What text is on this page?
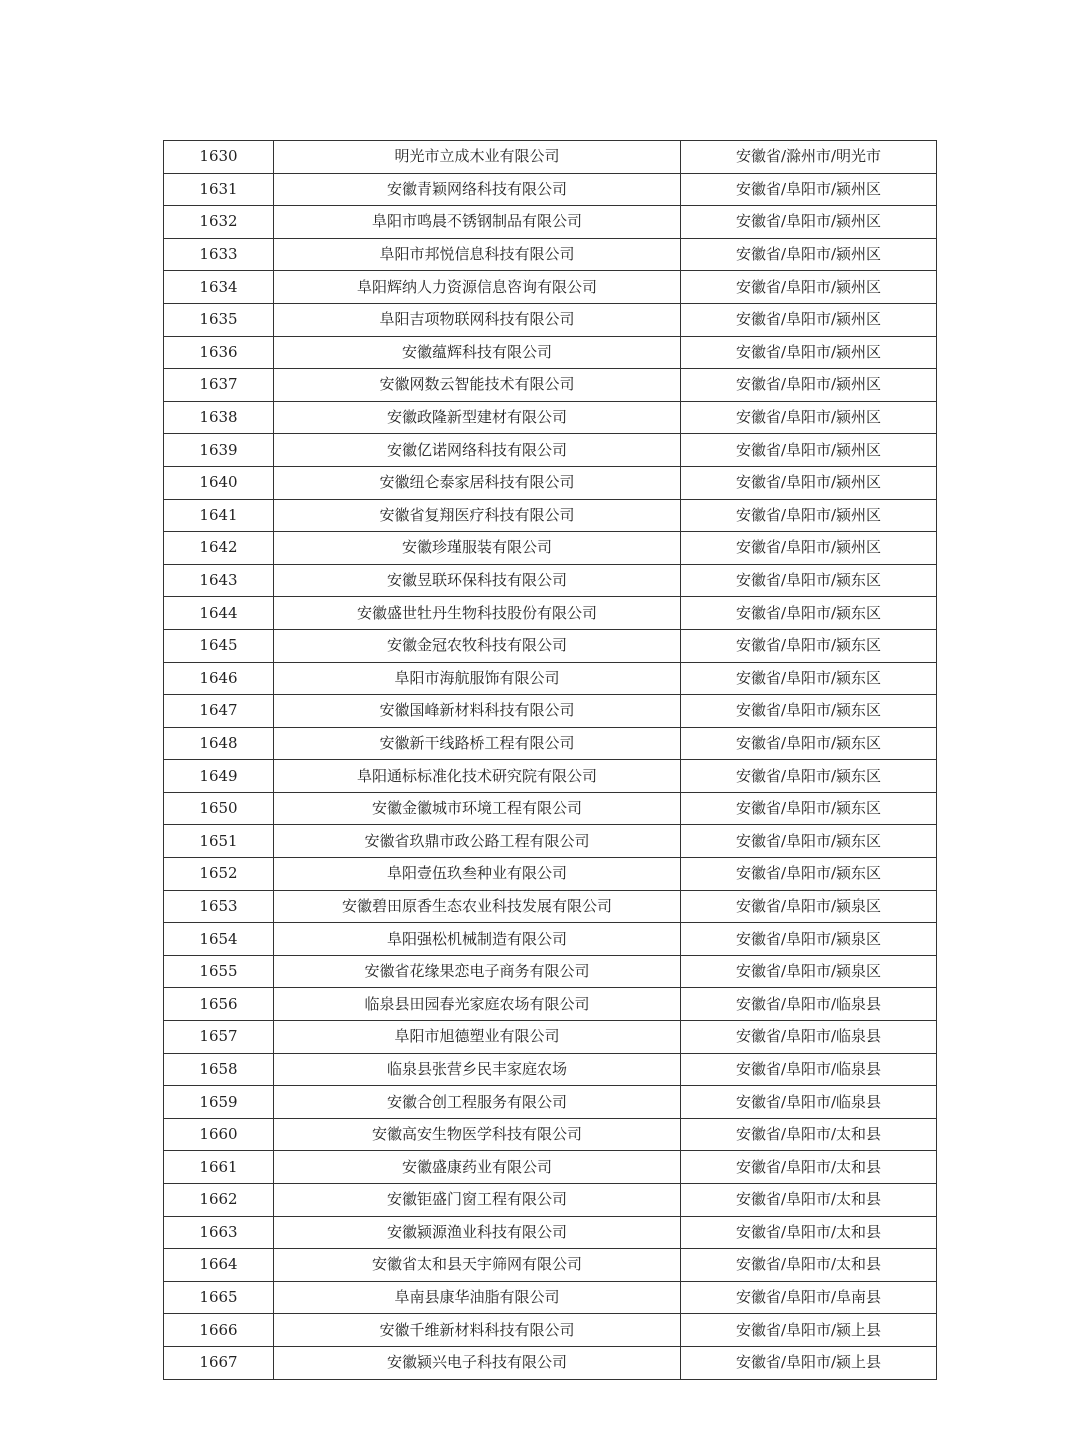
1630	明光市立成木业有限公司	安徽省/滁州市/明光市
1631	安徽青颖网络科技有限公司	安徽省/阜阳市/颍州区
1632	阜阳市鸣晨不锈钢制品有限公司	安徽省/阜阳市/颍州区
1633	阜阳市邦悦信息科技有限公司	安徽省/阜阳市/颍州区
1634	阜阳辉纳人力资源信息咨询有限公司	安徽省/阜阳市/颍州区
1635	阜阳吉项物联网科技有限公司	安徽省/阜阳市/颍州区
1636	安徽蕴辉科技有限公司	安徽省/阜阳市/颍州区
1637	安徽网数云智能技术有限公司	安徽省/阜阳市/颍州区
1638	安徽政隆新型建材有限公司	安徽省/阜阳市/颍州区
1639	安徽亿诺网络科技有限公司	安徽省/阜阳市/颍州区
1640	安徽纽仑泰家居科技有限公司	安徽省/阜阳市/颍州区
1641	安徽省复翔医疗科技有限公司	安徽省/阜阳市/颍州区
1642	安徽珍瑾服装有限公司	安徽省/阜阳市/颍州区
1643	安徽昱联环保科技有限公司	安徽省/阜阳市/颍东区
1644	安徽盛世牡丹生物科技股份有限公司	安徽省/阜阳市/颍东区
1645	安徽金冠农牧科技有限公司	安徽省/阜阳市/颍东区
1646	阜阳市海航服饰有限公司	安徽省/阜阳市/颍东区
1647	安徽国峰新材料科技有限公司	安徽省/阜阳市/颍东区
1648	安徽新干线路桥工程有限公司	安徽省/阜阳市/颍东区
1649	阜阳通标标准化技术研究院有限公司	安徽省/阜阳市/颍东区
1650	安徽金徽城市环境工程有限公司	安徽省/阜阳市/颍东区
1651	安徽省玖鼎市政公路工程有限公司	安徽省/阜阳市/颍东区
1652	阜阳壹伍玖叁种业有限公司	安徽省/阜阳市/颍东区
1653	安徽碧田原香生态农业科技发展有限公司	安徽省/阜阳市/颍泉区
1654	阜阳强松机械制造有限公司	安徽省/阜阳市/颍泉区
1655	安徽省花缘果恋电子商务有限公司	安徽省/阜阳市/颍泉区
1656	临泉县田园春光家庭农场有限公司	安徽省/阜阳市/临泉县
1657	阜阳市旭德塑业有限公司	安徽省/阜阳市/临泉县
1658	临泉县张营乡民丰家庭农场	安徽省/阜阳市/临泉县
1659	安徽合创工程服务有限公司	安徽省/阜阳市/临泉县
1660	安徽高安生物医学科技有限公司	安徽省/阜阳市/太和县
1661	安徽盛康药业有限公司	安徽省/阜阳市/太和县
1662	安徽钜盛门窗工程有限公司	安徽省/阜阳市/太和县
1663	安徽颍源渔业科技有限公司	安徽省/阜阳市/太和县
1664	安徽省太和县天宇筛网有限公司	安徽省/阜阳市/太和县
1665	阜南县康华油脂有限公司	安徽省/阜阳市/阜南县
1666	安徽千维新材料科技有限公司	安徽省/阜阳市/颍上县
1667	安徽颍兴电子科技有限公司	安徽省/阜阳市/颍上县
